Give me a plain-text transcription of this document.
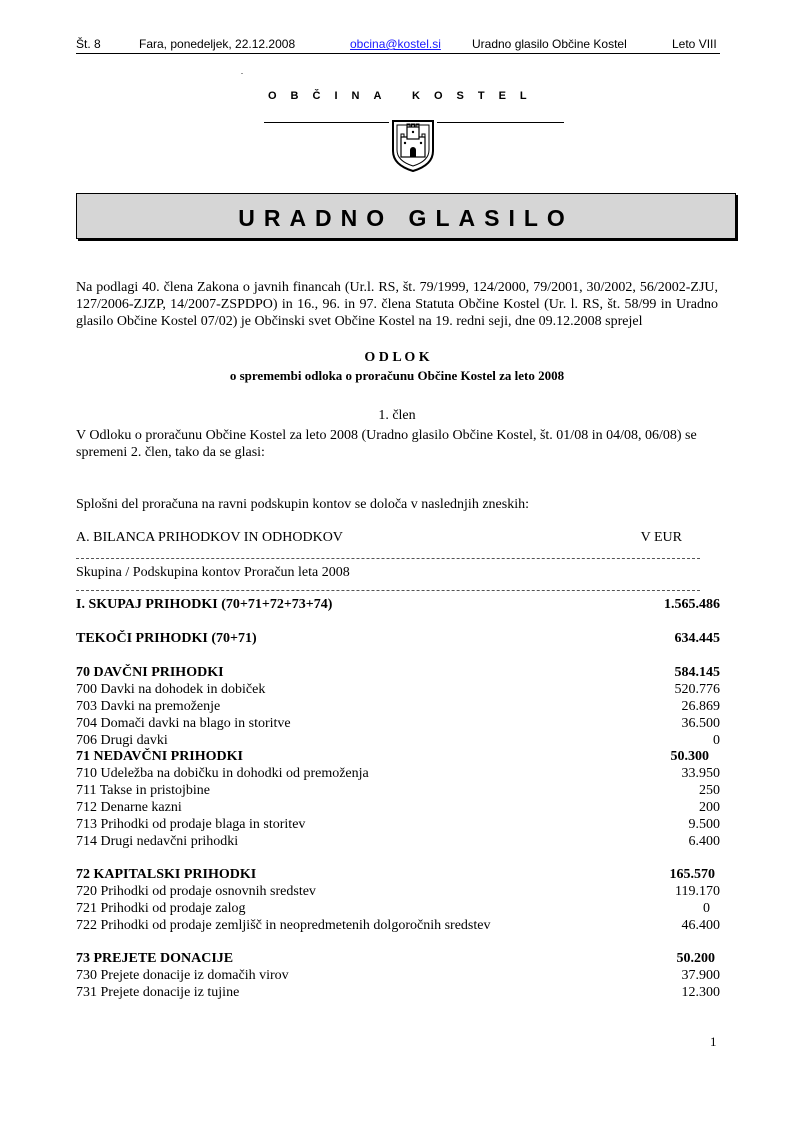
Št. 8	Fara, ponedeljek, 22.12.2008	obcina@kostel.si	Uradno glasilo Občine Kostel	Leto VIII
OBČINA KOSTEL
URADNO GLASILO
Na podlagi 40. člena Zakona o javnih financah (Ur.l. RS, št. 79/1999, 124/2000, 79/2001, 30/2002, 56/2002-ZJU, 127/2006-ZJZP, 14/2007-ZSPDPO) in 16., 96. in 97. člena Statuta Občine Kostel (Ur. l. RS, št. 58/99 in Uradno glasilo Občine Kostel 07/02) je Občinski svet Občine Kostel na 19. redni seji, dne 09.12.2008 sprejel
O D L O K
o spremembi odloka o proračunu Občine Kostel za leto 2008
1. člen
V Odloku o proračunu Občine Kostel za leto 2008 (Uradno glasilo Občine Kostel, št. 01/08 in 04/08, 06/08) se spremeni 2. člen, tako da se glasi:
Splošni del proračuna na ravni podskupin kontov se določa v naslednjih zneskih:
A. BILANCA PRIHODKOV IN ODHODKOV	V EUR
Skupina / Podskupina kontov Proračun leta 2008
I. SKUPAJ PRIHODKI (70+71+72+73+74)	1.565.486
TEKOČI PRIHODKI (70+71)	634.445
70 DAVČNI PRIHODKI	584.145
700 Davki na dohodek in dobiček	520.776
703 Davki na premoženje	26.869
704 Domači davki na blago in storitve	36.500
706 Drugi davki	0
71 NEDAVČNI PRIHODKI	50.300
710 Udeležba na dobičku in dohodki od premoženja	33.950
711 Takse in pristojbine	250
712 Denarne kazni	200
713 Prihodki od prodaje blaga in storitev	9.500
714 Drugi nedavčni prihodki	6.400
72 KAPITALSKI PRIHODKI	165.570
720 Prihodki od prodaje osnovnih sredstev	119.170
721 Prihodki od prodaje zalog	0
722 Prihodki od prodaje zemljišč in neopredmetenih dolgoročnih sredstev	46.400
73 PREJETE DONACIJE	50.200
730 Prejete donacije iz domačih virov	37.900
731 Prejete donacije iz tujine	12.300
1
